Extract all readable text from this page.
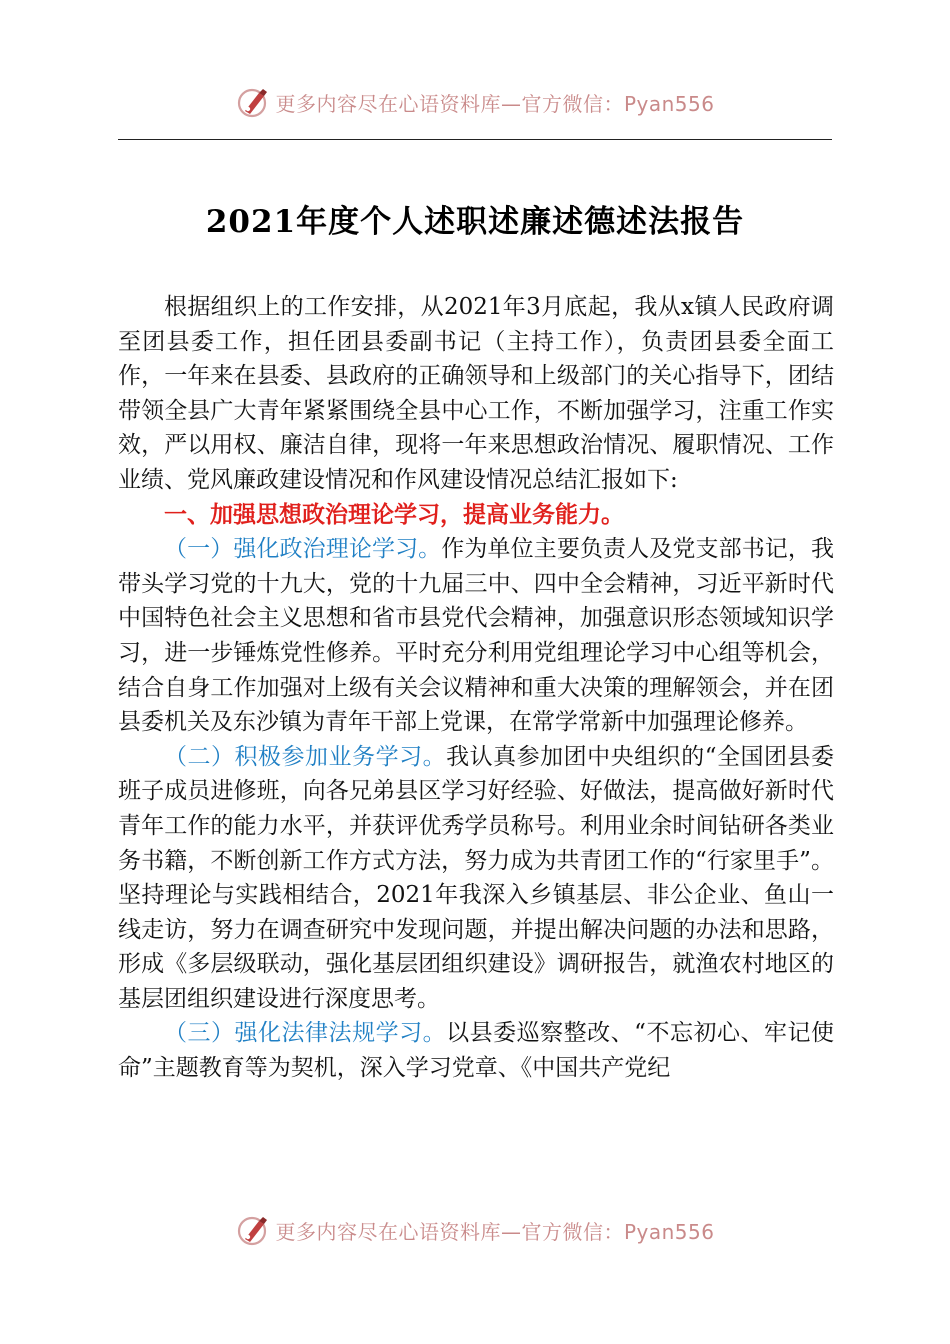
更多内容尽在心语资料库—官方微信：Pyan556
2021年度个人述职述廉述德述法报告

根据组织上的工作安排，从2021年3月底起，我从x镇人民政府调至团县委工作，担任团县委副书记（主持工作），负责团县委全面工作，一年来在县委、县政府的正确领导和上级部门的关心指导下，团结带领全县广大青年紧紧围绕全县中心工作，不断加强学习，注重工作实效，严以用权、廉洁自律，现将一年来思想政治情况、履职情况、工作业绩、党风廉政建设情况和作风建设情况总结汇报如下:

一、加强思想政治理论学习，提高业务能力。

（一）强化政治理论学习。作为单位主要负责人及党支部书记，我带头学习党的十九大，党的十九届三中、四中全会精神，习近平新时代中国特色社会主义思想和省市县党代会精神，加强意识形态领域知识学习，进一步锤炼党性修养。平时充分利用党组理论学习中心组等机会，结合自身工作加强对上级有关会议精神和重大决策的理解领会，并在团县委机关及东沙镇为青年干部上党课，在常学常新中加强理论修养。

（二）积极参加业务学习。我认真参加团中央组织的“全国团县委班子成员进修班，向各兄弟县区学习好经验、好做法，提高做好新时代青年工作的能力水平，并获评优秀学员称号。利用业余时间钻研各类业务书籍，不断创新工作方式方法，努力成为共青团工作的“行家里手”。坚持理论与实践相结合，2021年我深入乡镇基层、非公企业、鱼山一线走访，努力在调查研究中发现问题，并提出解决问题的办法和思路，形成《多层级联动，强化基层团组织建设》调研报告，就渔农村地区的基层团组织建设进行深度思考。

（三）强化法律法规学习。以县委巡察整改、“不忘初心、牢记使命”主题教育等为契机，深入学习党章、《中国共产党纪

更多内容尽在心语资料库—官方微信：Pyan556
